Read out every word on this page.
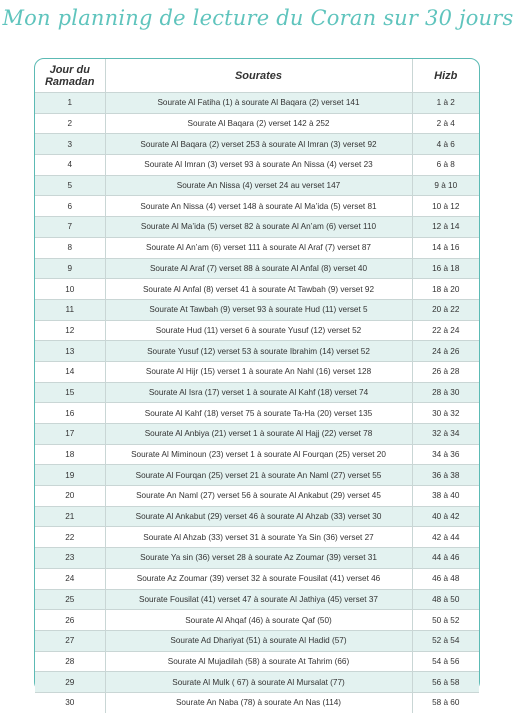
Mon planning de lecture du Coran sur 30 jours
Jour du Ramadan	Sourates	Hizb
1	Sourate Al Fatiha (1) à sourate Al Baqara (2) verset 141	1 à 2
2	Sourate Al Baqara (2) verset 142 à 252	2 à 4
3	Sourate Al Baqara (2) verset 253 à sourate Al Imran (3) verset 92	4 à 6
4	Sourate Al Imran (3) verset 93 à sourate An Nissa (4) verset 23	6 à 8
5	Sourate An Nissa (4) verset 24 au verset 147	9 à 10
6	Sourate An Nissa (4) verset 148 à sourate Al Ma’ida (5) verset 81	10 à 12
7	Sourate Al Ma’ida (5) verset 82 à sourate Al An’am (6) verset 110	12 à 14
8	Sourate Al An’am (6) verset 111 à sourate Al Araf (7) verset 87	14 à 16
9	Sourate Al Araf (7) verset 88 à sourate Al Anfal (8) verset 40	16 à 18
10	Sourate Al Anfal (8) verset 41 à sourate At Tawbah (9) verset 92	18 à 20
11	Sourate At Tawbah (9) verset 93 à sourate Hud (11) verset 5	20 à 22
12	Sourate Hud (11) verset 6 à sourate Yusuf (12) verset 52	22 à 24
13	Sourate Yusuf (12) verset 53 à sourate Ibrahim (14) verset 52	24 à 26
14	Sourate Al Hijr (15) verset 1 à sourate An Nahl (16) verset 128	26 à 28
15	Sourate Al Isra (17) verset 1 à sourate Al Kahf (18) verset 74	28 à 30
16	Sourate Al Kahf (18) verset 75 à sourate Ta-Ha (20) verset 135	30 à 32
17	Sourate Al Anbiya (21) verset 1 à sourate Al Hajj (22) verset 78	32 à 34
18	Sourate Al Miminoun (23) verset 1 à sourate Al Fourqan (25) verset 20	34 à 36
19	Sourate Al Fourqan (25) verset 21 à sourate An Naml (27) verset 55	36 à 38
20	Sourate An Naml (27) verset 56 à sourate Al Ankabut (29) verset 45	38 à 40
21	Sourate Al Ankabut (29) verset 46 à sourate Al Ahzab (33) verset 30	40 à 42
22	Sourate Al Ahzab (33) verset 31 à sourate Ya Sin (36) verset 27	42 à 44
23	Sourate Ya sin (36) verset 28 à sourate Az Zoumar (39) verset 31	44 à 46
24	Sourate Az Zoumar (39) verset 32 à sourate Fousilat (41) verset 46	46 à 48
25	Sourate Fousilat (41) verset 47 à sourate Al Jathiya (45) verset 37	48 à 50
26	Sourate Al Ahqaf (46) à sourate Qaf (50)	50 à 52
27	Sourate Ad Dhariyat (51) à sourate Al Hadid (57)	52 à 54
28	Sourate Al Mujadilah (58) à sourate At Tahrim (66)	54 à 56
29	Sourate Al Mulk ( 67) à sourate Al Mursalat (77)	56 à 58
30	Sourate An Naba (78) à sourate An Nas (114)	58 à 60
